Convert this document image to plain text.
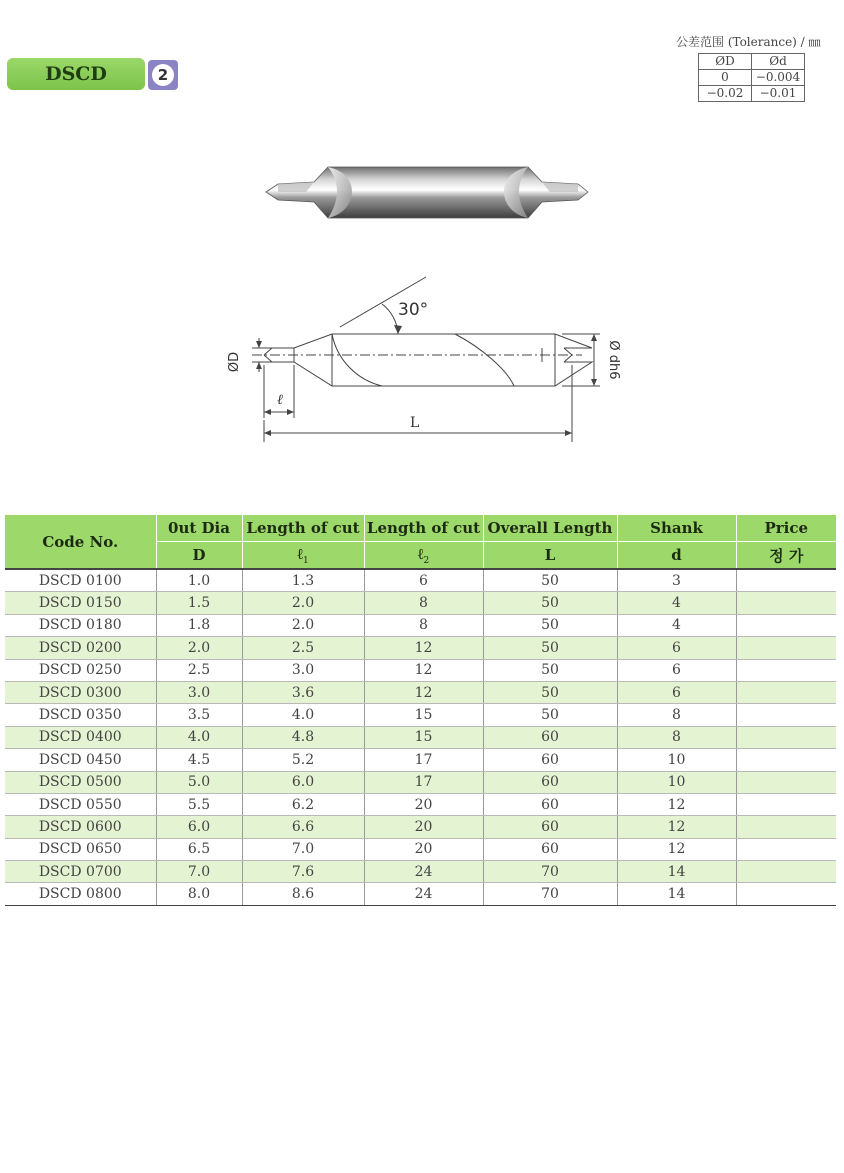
DSCD	2
公差范围 (Tolerance) / ㎜
ØD	Ød
0	−0.004
−0.02	−0.01
30°
ØD	Ø dh6
ℓ
L
Code No.	0ut Dia	Length of cut	Length of cut	Overall Length	Shank	Price
	D	ℓ$_1$	ℓ$_2$	L	d	정 가
DSCD 0100	1.0	1.3	6	50	3	
DSCD 0150	1.5	2.0	8	50	4	
DSCD 0180	1.8	2.0	8	50	4	
DSCD 0200	2.0	2.5	12	50	6	
DSCD 0250	2.5	3.0	12	50	6	
DSCD 0300	3.0	3.6	12	50	6	
DSCD 0350	3.5	4.0	15	50	8	
DSCD 0400	4.0	4.8	15	60	8	
DSCD 0450	4.5	5.2	17	60	10	
DSCD 0500	5.0	6.0	17	60	10	
DSCD 0550	5.5	6.2	20	60	12	
DSCD 0600	6.0	6.6	20	60	12	
DSCD 0650	6.5	7.0	20	60	12	
DSCD 0700	7.0	7.6	24	70	14	
DSCD 0800	8.0	8.6	24	70	14	
